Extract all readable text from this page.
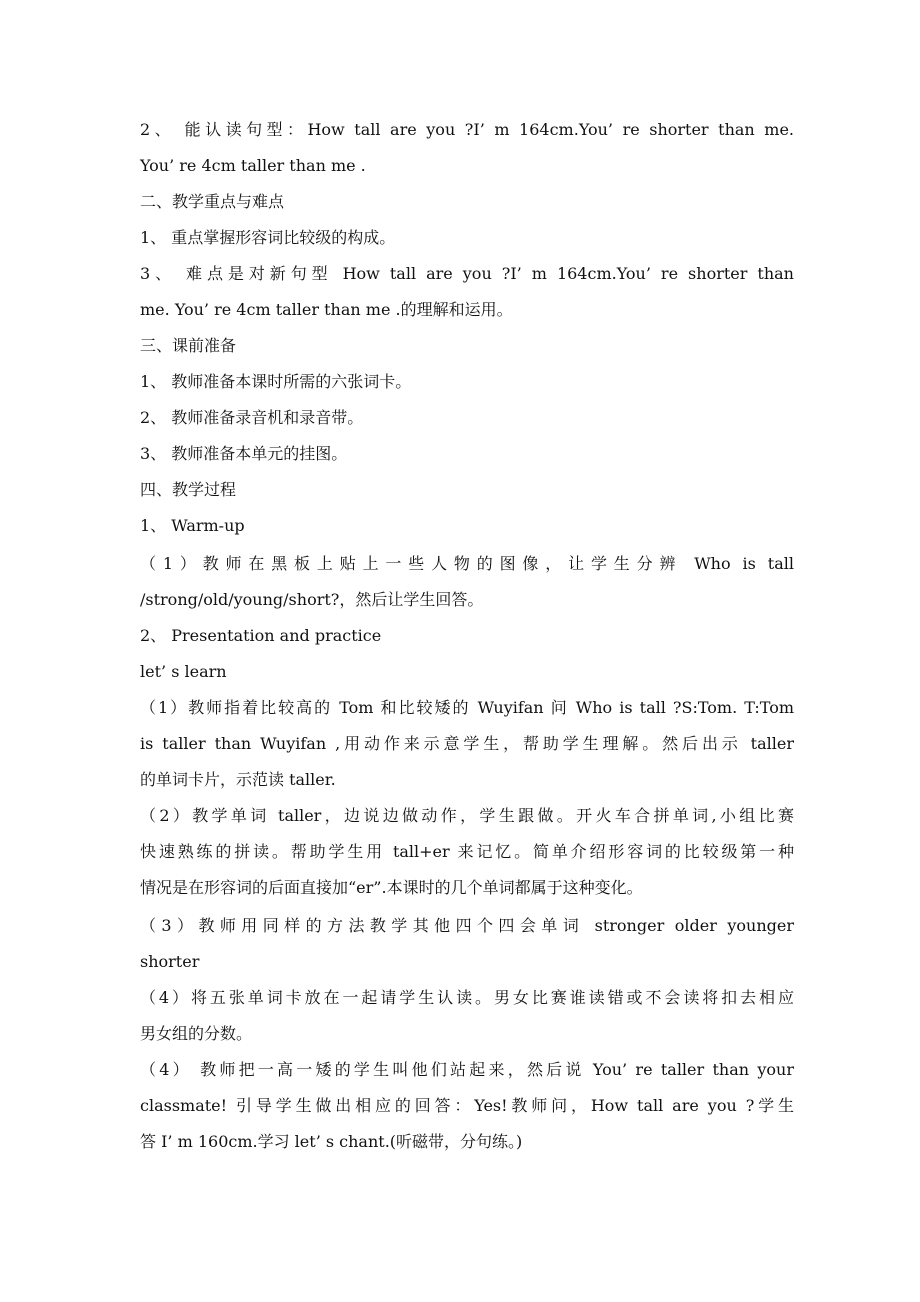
2、 能认读句型：How tall are you ?I’ m 164cm.You’ re shorter than me.
You’ re 4cm taller than me .
二、教学重点与难点
1、 重点掌握形容词比较级的构成。
3、 难点是对新句型 How tall are you ?I’ m 164cm.You’ re shorter than
me. You’ re 4cm taller than me .的理解和运用。
三、课前准备
1、 教师准备本课时所需的六张词卡。
2、 教师准备录音机和录音带。
3、 教师准备本单元的挂图。
四、教学过程
1、 Warm-up
（1）教师在黑板上贴上一些人物的图像，让学生分辨 Who is tall
/strong/old/young/short?，然后让学生回答。
2、 Presentation and practice
let’ s learn
（1）教师指着比较高的 Tom 和比较矮的 Wuyifan 问 Who is tall ?S:Tom. T:Tom
is taller than Wuyifan ,用动作来示意学生，帮助学生理解。然后出示 taller
的单词卡片，示范读 taller.
（2）教学单词 taller，边说边做动作，学生跟做。开火车合拼单词,小组比赛
快速熟练的拼读。帮助学生用 tall+er 来记忆。简单介绍形容词的比较级第一种
情况是在形容词的后面直接加“er”.本课时的几个单词都属于这种变化。
（3）教师用同样的方法教学其他四个四会单词 stronger older younger
shorter
（4）将五张单词卡放在一起请学生认读。男女比赛谁读错或不会读将扣去相应
男女组的分数。
（4） 教师把一高一矮的学生叫他们站起来，然后说 You’ re taller than your
classmate! 引导学生做出相应的回答：Yes!教师问，How tall are you ?学生
答 I’ m 160cm.学习 let’ s chant.(听磁带，分句练。)
